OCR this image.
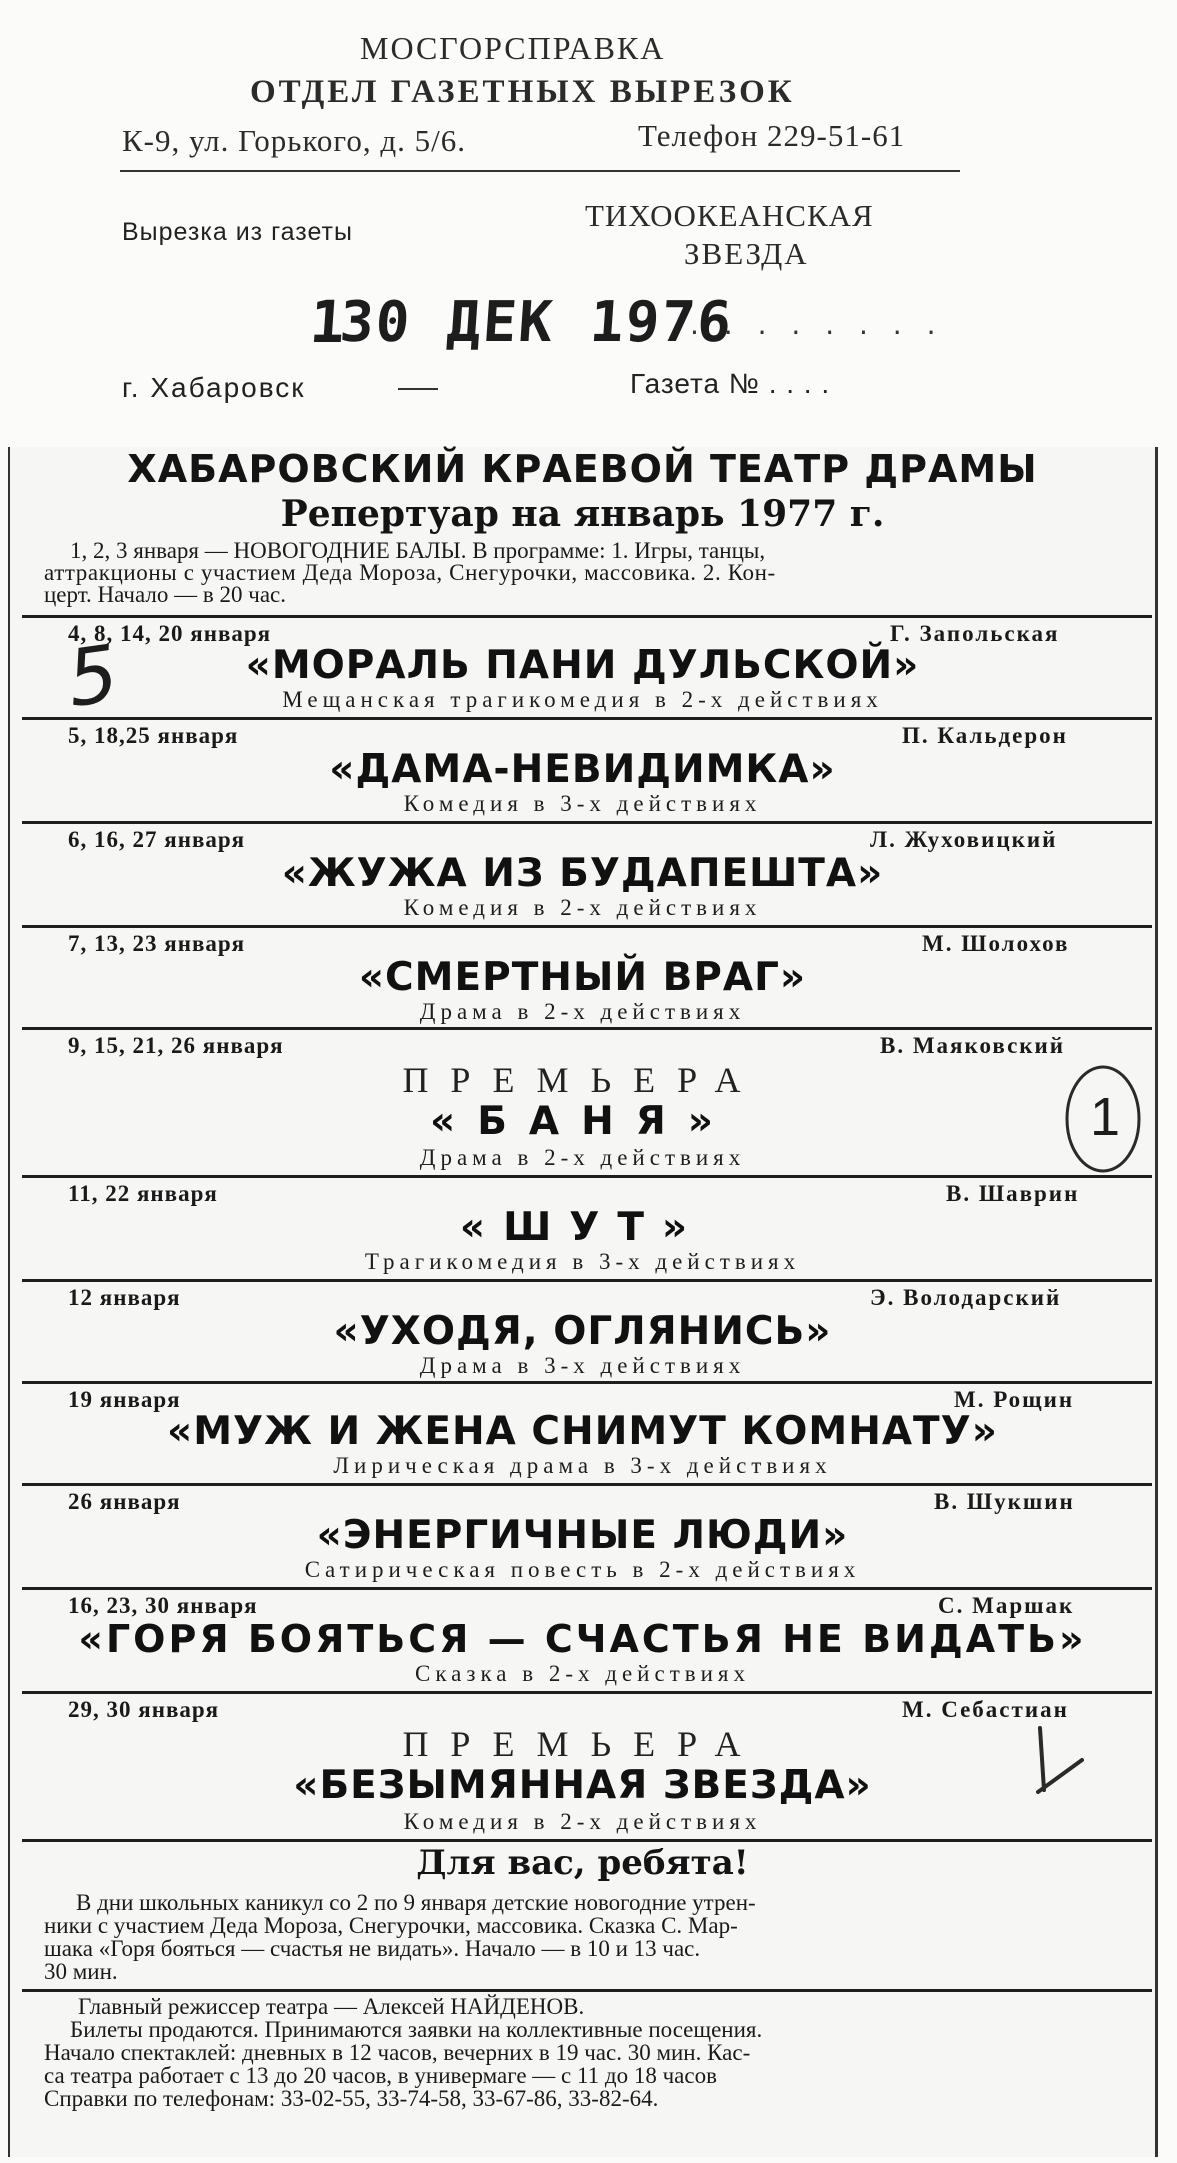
МОСГОРСПРАВКА
ОТДЕЛ ГАЗЕТНЫХ ВЫРЕЗОК
К-9, ул. Горького, д. 5/6.	Телефон 229-51-61
Вырезка из газеты	ТИХООКЕАНСКАЯ
ЗВЕЗДА
1
30 ДЕК 1976
. . . . . . . .
г. Хабаровск	Газета № . . . .
ХАБАРОВСКИЙ КРАЕВОЙ ТЕАТР ДРАМЫ
Репертуар на январь 1977 г.
1, 2, 3 января — НОВОГОДНИЕ БАЛЫ. В программе: 1. Игры, танцы,
аттракционы с участием Деда Мороза, Снегурочки, массовика. 2. Кон-
церт. Начало — в 20 час.
4, 8, 14, 20 января	Г. Запольская
«МОРАЛЬ ПАНИ ДУЛЬСКОЙ»
Мещанская трагикомедия в 2-х действиях
5, 18,25 января	П. Кальдерон
«ДАМА-НЕВИДИМКА»
Комедия в 3-х действиях
6, 16, 27 января	Л. Жуховицкий
«ЖУЖА ИЗ БУДАПЕШТА»
Комедия в 2-х действиях
7, 13, 23 января	М. Шолохов
«СМЕРТНЫЙ ВРАГ»
Драма в 2-х действиях
9, 15, 21, 26 января	В. Маяковский
ПРЕМЬЕРА
«БАНЯ»
Драма в 2-х действиях
11, 22 января	В. Шаврин
«ШУТ»
Трагикомедия в 3-х действиях
12 января	Э. Володарский
«УХОДЯ, ОГЛЯНИСЬ»
Драма в 3-х действиях
19 января	М. Рощин
«МУЖ И ЖЕНА СНИМУТ КОМНАТУ»
Лирическая драма в 3-х действиях
26 января	В. Шукшин
«ЭНЕРГИЧНЫЕ ЛЮДИ»
Сатирическая повесть в 2-х действиях
16, 23, 30 января	С. Маршак
«ГОРЯ БОЯТЬСЯ — СЧАСТЬЯ НЕ ВИДАТЬ»
Сказка в 2-х действиях
29, 30 января	М. Себастиан
ПРЕМЬЕРА
«БЕЗЫМЯННАЯ ЗВЕЗДА»
Комедия в 2-х действиях
Для вас, ребята!
В дни школьных каникул со 2 по 9 января детские новогодние утрен-
ники с участием Деда Мороза, Снегурочки, массовика. Сказка С. Мар-
шака «Горя бояться — счастья не видать». Начало — в 10 и 13 час.
30 мин.
Главный режиссер театра — Алексей НАЙДЕНОВ.
Билеты продаются. Принимаются заявки на коллективные посещения.
Начало спектаклей: дневных в 12 часов, вечерних в 19 час. 30 мин. Кас-
са театра работает с 13 до 20 часов, в универмаге — с 11 до 18 часов
Справки по телефонам: 33-02-55, 33-74-58, 33-67-86, 33-82-64.
5
1
